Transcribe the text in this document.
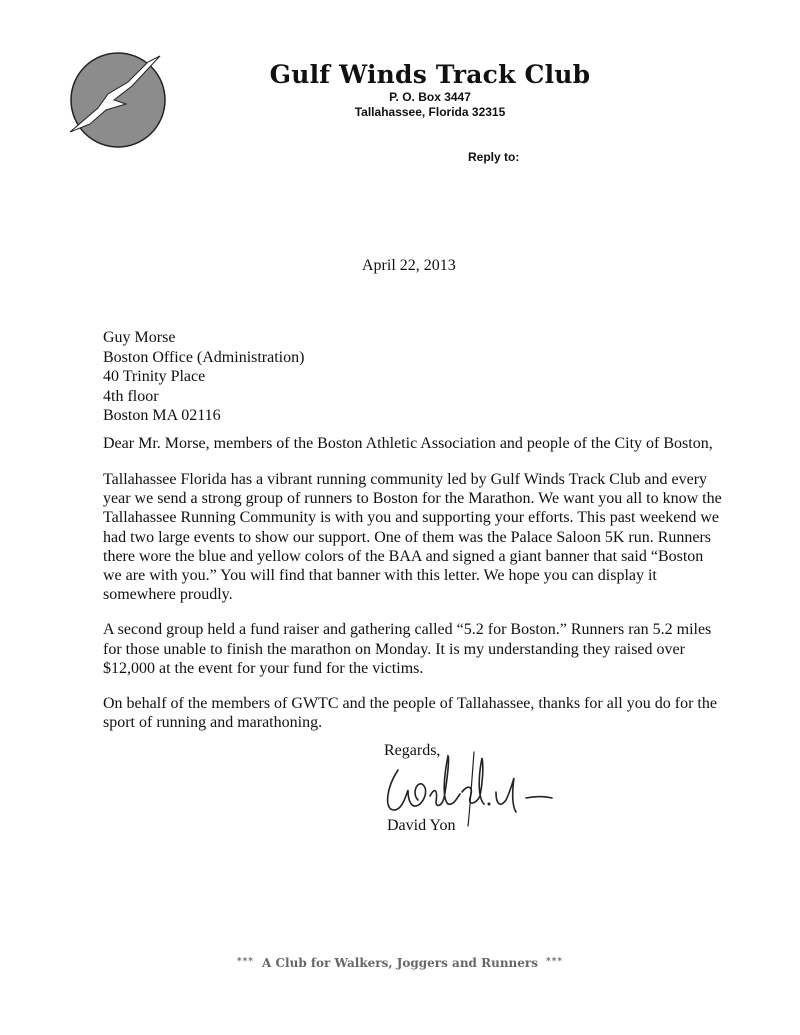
Gulf Winds Track Club
P. O. Box 3447
Tallahassee, Florida 32315
Reply to:
April 22, 2013
Guy Morse
Boston Office (Administration)
40 Trinity Place
4th floor
Boston MA 02116
Dear Mr. Morse, members of the Boston Athletic Association and people of the City of Boston,

Tallahassee Florida has a vibrant running community led by Gulf Winds Track Club and every year we send a strong group of runners to Boston for the Marathon. We want you all to know the Tallahassee Running Community is with you and supporting your efforts. This past weekend we had two large events to show our support. One of them was the Palace Saloon 5K run. Runners there wore the blue and yellow colors of the BAA and signed a giant banner that said “Boston we are with you.” You will find that banner with this letter. We hope you can display it somewhere proudly.

A second group held a fund raiser and gathering called “5.2 for Boston.” Runners ran 5.2 miles for those unable to finish the marathon on Monday. It is my understanding they raised over $12,000 at the event for your fund for the victims.

On behalf of the members of GWTC and the people of Tallahassee, thanks for all you do for the sport of running and marathoning.

Regards,
David Yon
*** A Club for Walkers, Joggers and Runners ***
